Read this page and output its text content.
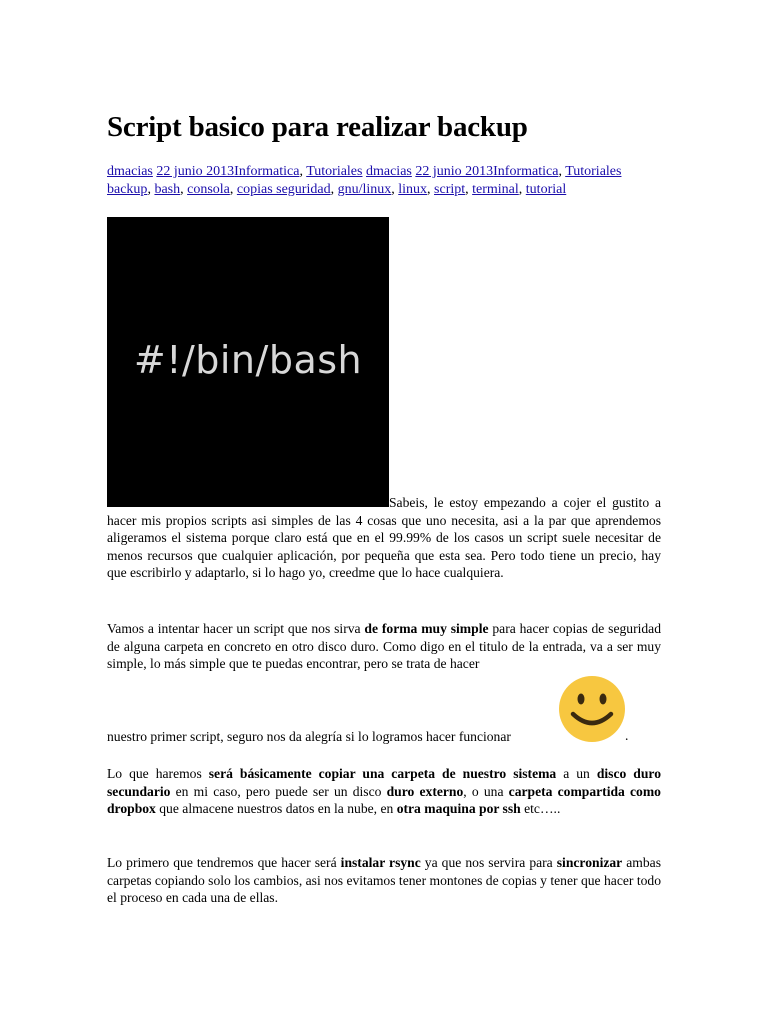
Script basico para realizar backup
dmacias 22 junio 2013Informatica, Tutoriales dmacias 22 junio 2013Informatica, Tutoriales
backup, bash, consola, copias seguridad, gnu/linux, linux, script, terminal, tutorial
#!/bin/bash

Sabeis, le estoy empezando a cojer el gustito a hacer mis propios scripts asi simples de las 4 cosas que uno necesita, asi a la par que aprendemos aligeramos el sistema porque claro está que en el 99.99% de los casos un script suele necesitar de menos recursos que cualquier aplicación, por pequeña que esta sea. Pero todo tiene un precio, hay que escribirlo y adaptarlo, si lo hago yo, creedme que lo hace cualquiera.

Vamos a intentar hacer un script que nos sirva de forma muy simple para hacer copias de seguridad de alguna carpeta en concreto en otro disco duro. Como digo en el titulo de la entrada, va a ser muy simple, lo más simple que te puedas encontrar, pero se trata de hacer

nuestro primer script, seguro nos da alegría si lo logramos hacer funcionar	.

Lo que haremos será básicamente copiar una carpeta de nuestro sistema a un disco duro secundario en mi caso, pero puede ser un disco duro externo, o una carpeta compartida como dropbox que almacene nuestros datos en la nube, en otra maquina por ssh etc…..

Lo primero que tendremos que hacer será instalar rsync ya que nos servira para sincronizar ambas carpetas copiando solo los cambios, asi nos evitamos tener montones de copias y tener que hacer todo el proceso en cada una de ellas.
